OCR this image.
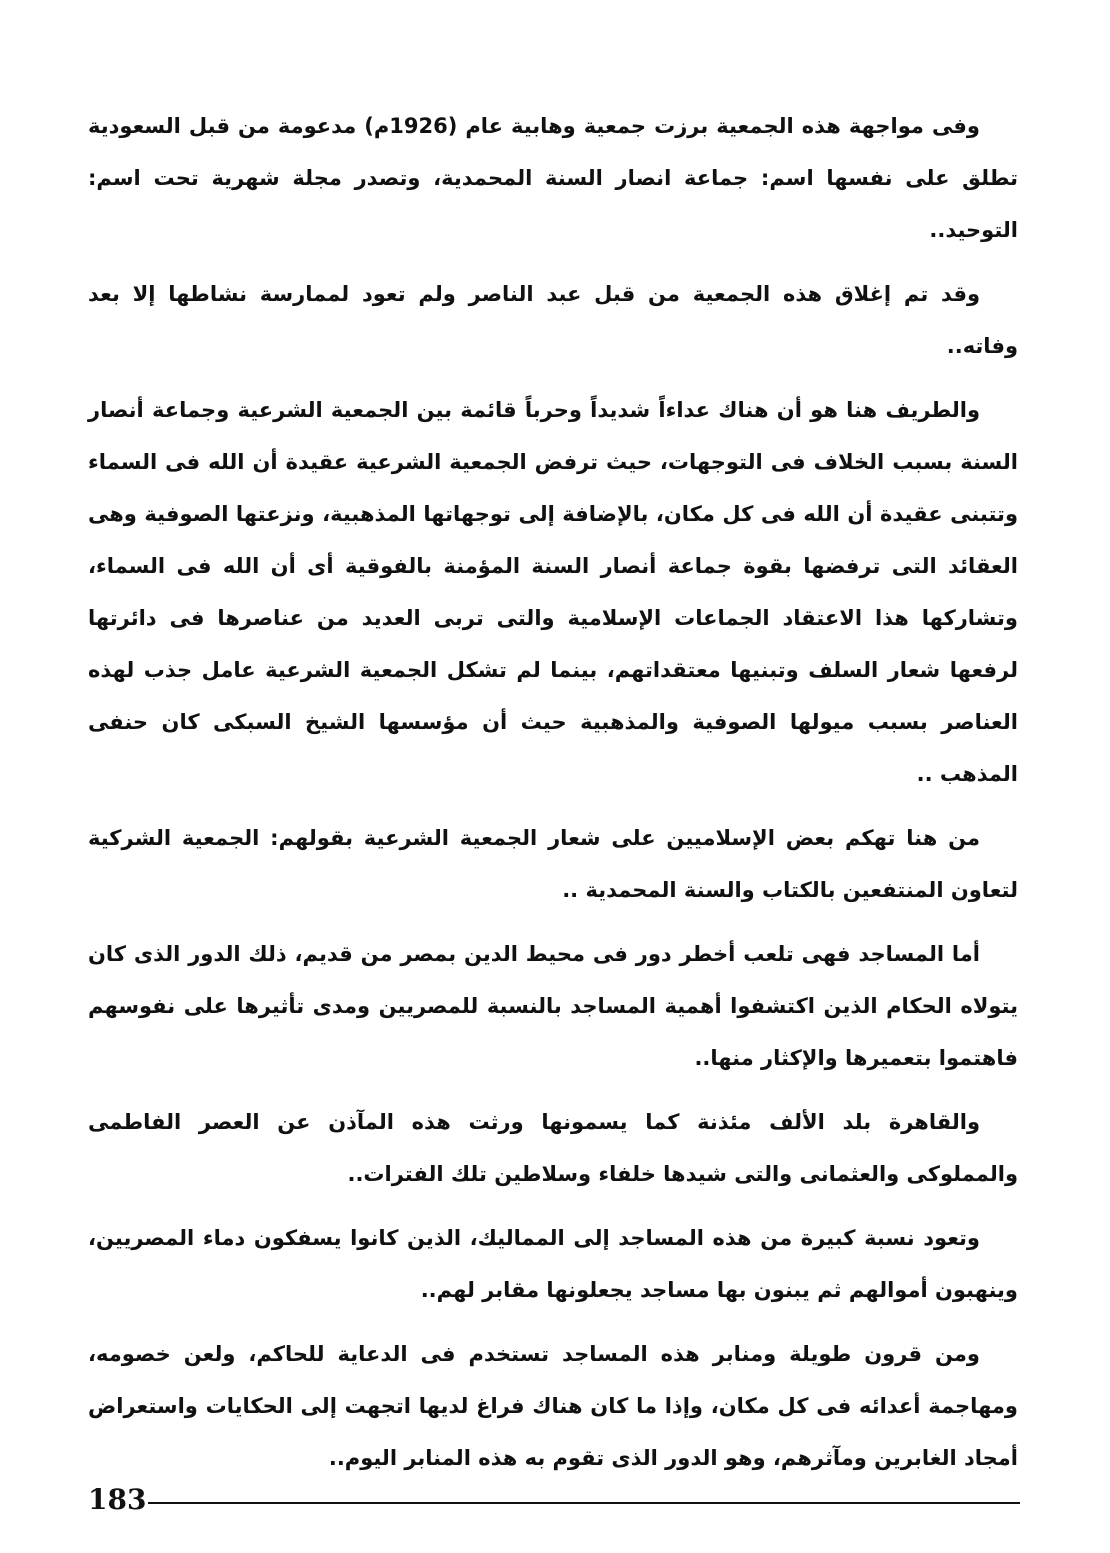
وفى مواجهة هذه الجمعية برزت جمعية وهابية عام (1926م) مدعومة من قبل السعودية تطلق على نفسها اسم: جماعة انصار السنة المحمدية، وتصدر مجلة شهرية تحت اسم: التوحيد..

وقد تم إغلاق هذه الجمعية من قبل عبد الناصر ولم تعود لممارسة نشاطها إلا بعد وفاته..

والطريف هنا هو أن هناك عداءاً شديداً وحرباً قائمة بين الجمعية الشرعية وجماعة أنصار السنة بسبب الخلاف فى التوجهات، حيث ترفض الجمعية الشرعية عقيدة أن الله فى السماء وتتبنى عقيدة أن الله فى كل مكان، بالإضافة إلى توجهاتها المذهبية، ونزعتها الصوفية وهى العقائد التى ترفضها بقوة جماعة أنصار السنة المؤمنة بالفوقية أى أن الله فى السماء، وتشاركها هذا الاعتقاد الجماعات الإسلامية والتى تربى العديد من عناصرها فى دائرتها لرفعها شعار السلف وتبنيها معتقداتهم، بينما لم تشكل الجمعية الشرعية عامل جذب لهذه العناصر بسبب ميولها الصوفية والمذهبية حيث أن مؤسسها الشيخ السبكى كان حنفى المذهب ..

من هنا تهكم بعض الإسلاميين على شعار الجمعية الشرعية بقولهم: الجمعية الشركية لتعاون المنتفعين بالكتاب والسنة المحمدية ..

أما المساجد فهى تلعب أخطر دور فى محيط الدين بمصر من قديم، ذلك الدور الذى كان يتولاه الحكام الذين اكتشفوا أهمية المساجد بالنسبة للمصريين ومدى تأثيرها على نفوسهم فاهتموا بتعميرها والإكثار منها..

والقاهرة بلد الألف مئذنة كما يسمونها ورثت هذه المآذن عن العصر الفاطمى والمملوكى والعثمانى والتى شيدها خلفاء وسلاطين تلك الفترات..

وتعود نسبة كبيرة من هذه المساجد إلى المماليك، الذين كانوا يسفكون دماء المصريين، وينهبون أموالهم ثم يبنون بها مساجد يجعلونها مقابر لهم..

ومن قرون طويلة ومنابر هذه المساجد تستخدم فى الدعاية للحاكم، ولعن خصومه، ومهاجمة أعدائه فى كل مكان، وإذا ما كان هناك فراغ لديها اتجهت إلى الحكايات واستعراض أمجاد الغابرين ومآثرهم، وهو الدور الذى تقوم به هذه المنابر اليوم..

183
